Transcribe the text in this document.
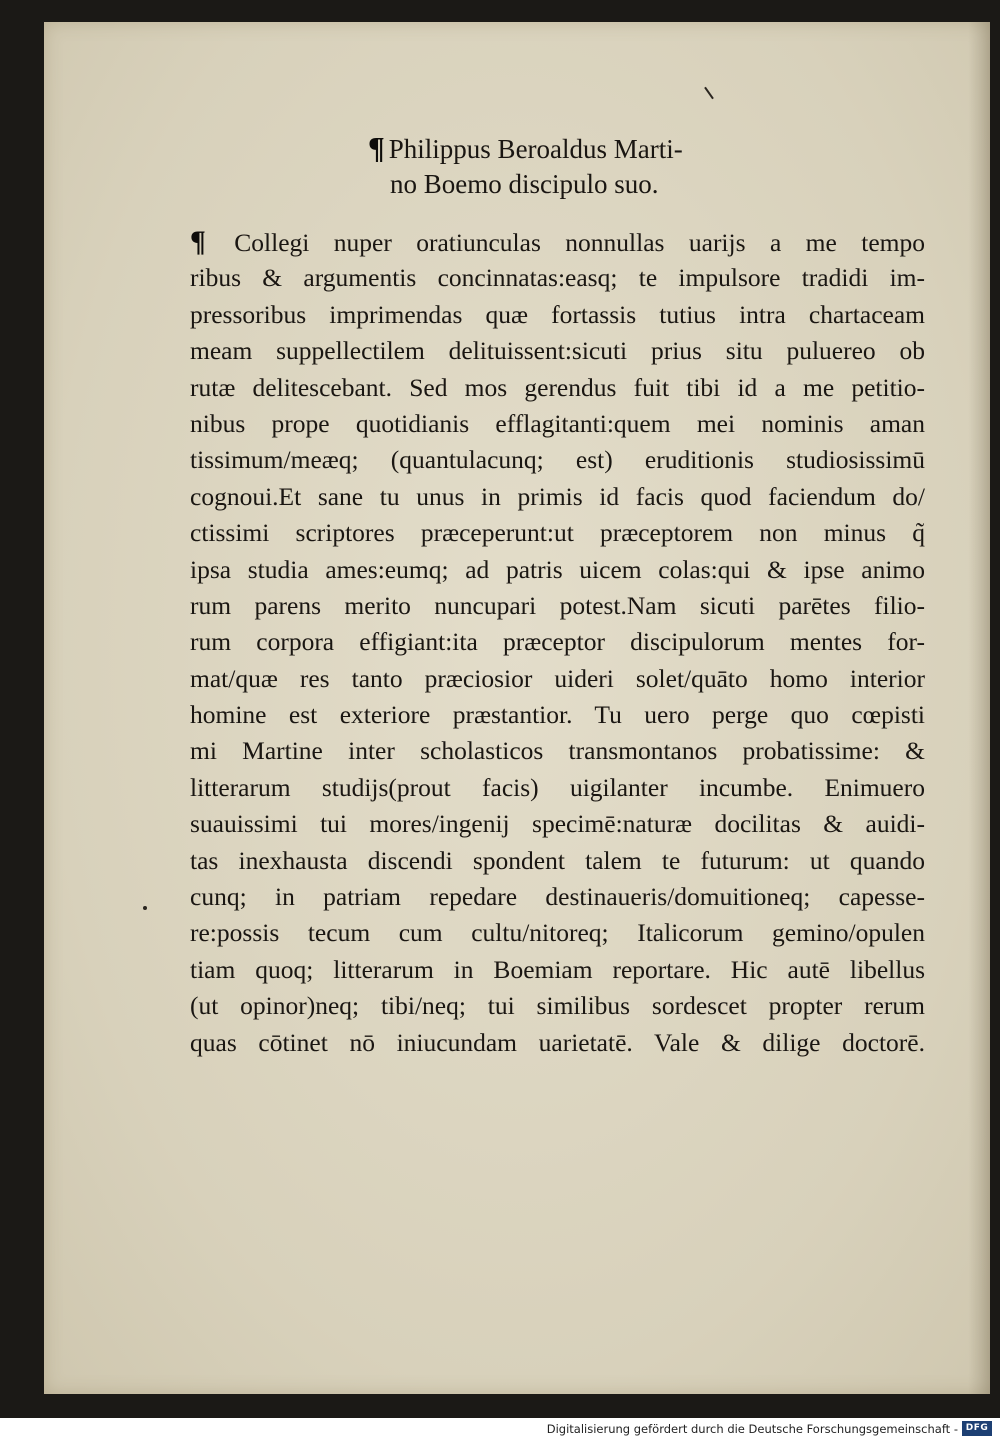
¶ Philippus Beroaldus Marti-
no Boemo discipulo suo.
¶ Collegi nuper oratiunculas nonnullas uarijs a me tempo
ribus & argumentis concinnatas:easq; te impulsore tradidi im-
pressoribus imprimendas quæ fortassis tutius intra chartaceam
meam suppellectilem delituissent:sicuti prius situ puluereo ob
rutæ delitescebant. Sed mos gerendus fuit tibi id a me petitio-
nibus prope quotidianis efflagitanti:quem mei nominis aman
tissimum/meæq; (quantulacunq; est) eruditionis studiosissimū
cognoui.Et sane tu unus in primis id facis quod faciendum do/
ctissimi scriptores præceperunt:ut præceptorem non minus q̃
ipsa studia ames:eumq; ad patris uicem colas:qui & ipse animo
rum parens merito nuncupari potest.Nam sicuti parētes filio-
rum corpora effigiant:ita præceptor discipulorum mentes for-
mat/quæ res tanto præciosior uideri solet/quāto homo interior
homine est exteriore præstantior. Tu uero perge quo cœpisti
mi Martine inter scholasticos transmontanos probatissime: &
litterarum studijs(prout facis) uigilanter incumbe. Enimuero
suauissimi tui mores/ingenij specimē:naturæ docilitas & auidi-
tas inexhausta discendi spondent talem te futurum: ut quando
cunq; in patriam repedare destinaueris/domuitioneq; capesse-
re:possis tecum cum cultu/nitoreq; Italicorum gemino/opulen
tiam quoq; litterarum in Boemiam reportare. Hic autē libellus
(ut opinor)neq; tibi/neq; tui similibus sordescet propter rerum
quas cōtinet nō iniucundam uarietatē. Vale & dilige doctorē.
Digitalisierung gefördert durch die Deutsche Forschungsgemeinschaft - DFG
